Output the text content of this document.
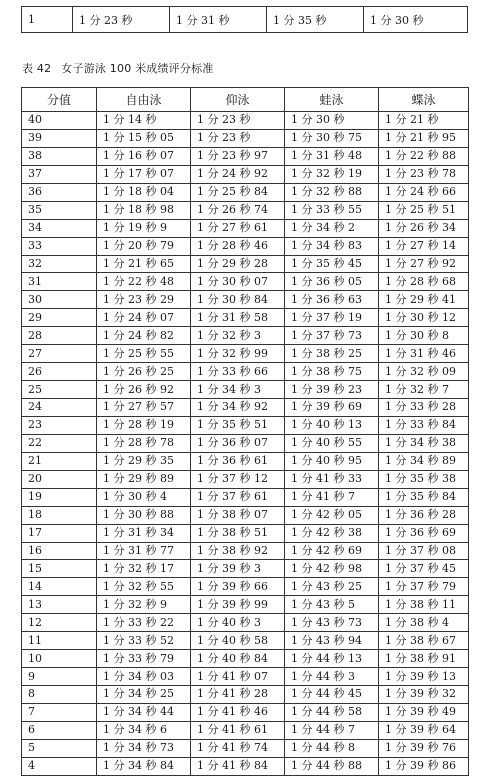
1	1 分 23 秒	1 分 31 秒	1 分 35 秒	1 分 30 秒
表 42 女子游泳 100 米成绩评分标准
分值	自由泳	仰泳	蛙泳	蝶泳
40	1 分 14 秒	1 分 23 秒	1 分 30 秒	1 分 21 秒
39	1 分 15 秒 05	1 分 23 秒	1 分 30 秒 75	1 分 21 秒 95
38	1 分 16 秒 07	1 分 23 秒 97	1 分 31 秒 48	1 分 22 秒 88
37	1 分 17 秒 07	1 分 24 秒 92	1 分 32 秒 19	1 分 23 秒 78
36	1 分 18 秒 04	1 分 25 秒 84	1 分 32 秒 88	1 分 24 秒 66
35	1 分 18 秒 98	1 分 26 秒 74	1 分 33 秒 55	1 分 25 秒 51
34	1 分 19 秒 9	1 分 27 秒 61	1 分 34 秒 2	1 分 26 秒 34
33	1 分 20 秒 79	1 分 28 秒 46	1 分 34 秒 83	1 分 27 秒 14
32	1 分 21 秒 65	1 分 29 秒 28	1 分 35 秒 45	1 分 27 秒 92
31	1 分 22 秒 48	1 分 30 秒 07	1 分 36 秒 05	1 分 28 秒 68
30	1 分 23 秒 29	1 分 30 秒 84	1 分 36 秒 63	1 分 29 秒 41
29	1 分 24 秒 07	1 分 31 秒 58	1 分 37 秒 19	1 分 30 秒 12
28	1 分 24 秒 82	1 分 32 秒 3	1 分 37 秒 73	1 分 30 秒 8
27	1 分 25 秒 55	1 分 32 秒 99	1 分 38 秒 25	1 分 31 秒 46
26	1 分 26 秒 25	1 分 33 秒 66	1 分 38 秒 75	1 分 32 秒 09
25	1 分 26 秒 92	1 分 34 秒 3	1 分 39 秒 23	1 分 32 秒 7
24	1 分 27 秒 57	1 分 34 秒 92	1 分 39 秒 69	1 分 33 秒 28
23	1 分 28 秒 19	1 分 35 秒 51	1 分 40 秒 13	1 分 33 秒 84
22	1 分 28 秒 78	1 分 36 秒 07	1 分 40 秒 55	1 分 34 秒 38
21	1 分 29 秒 35	1 分 36 秒 61	1 分 40 秒 95	1 分 34 秒 89
20	1 分 29 秒 89	1 分 37 秒 12	1 分 41 秒 33	1 分 35 秒 38
19	1 分 30 秒 4	1 分 37 秒 61	1 分 41 秒 7	1 分 35 秒 84
18	1 分 30 秒 88	1 分 38 秒 07	1 分 42 秒 05	1 分 36 秒 28
17	1 分 31 秒 34	1 分 38 秒 51	1 分 42 秒 38	1 分 36 秒 69
16	1 分 31 秒 77	1 分 38 秒 92	1 分 42 秒 69	1 分 37 秒 08
15	1 分 32 秒 17	1 分 39 秒 3	1 分 42 秒 98	1 分 37 秒 45
14	1 分 32 秒 55	1 分 39 秒 66	1 分 43 秒 25	1 分 37 秒 79
13	1 分 32 秒 9	1 分 39 秒 99	1 分 43 秒 5	1 分 38 秒 11
12	1 分 33 秒 22	1 分 40 秒 3	1 分 43 秒 73	1 分 38 秒 4
11	1 分 33 秒 52	1 分 40 秒 58	1 分 43 秒 94	1 分 38 秒 67
10	1 分 33 秒 79	1 分 40 秒 84	1 分 44 秒 13	1 分 38 秒 91
9	1 分 34 秒 03	1 分 41 秒 07	1 分 44 秒 3	1 分 39 秒 13
8	1 分 34 秒 25	1 分 41 秒 28	1 分 44 秒 45	1 分 39 秒 32
7	1 分 34 秒 44	1 分 41 秒 46	1 分 44 秒 58	1 分 39 秒 49
6	1 分 34 秒 6	1 分 41 秒 61	1 分 44 秒 7	1 分 39 秒 64
5	1 分 34 秒 73	1 分 41 秒 74	1 分 44 秒 8	1 分 39 秒 76
4	1 分 34 秒 84	1 分 41 秒 84	1 分 44 秒 88	1 分 39 秒 86
